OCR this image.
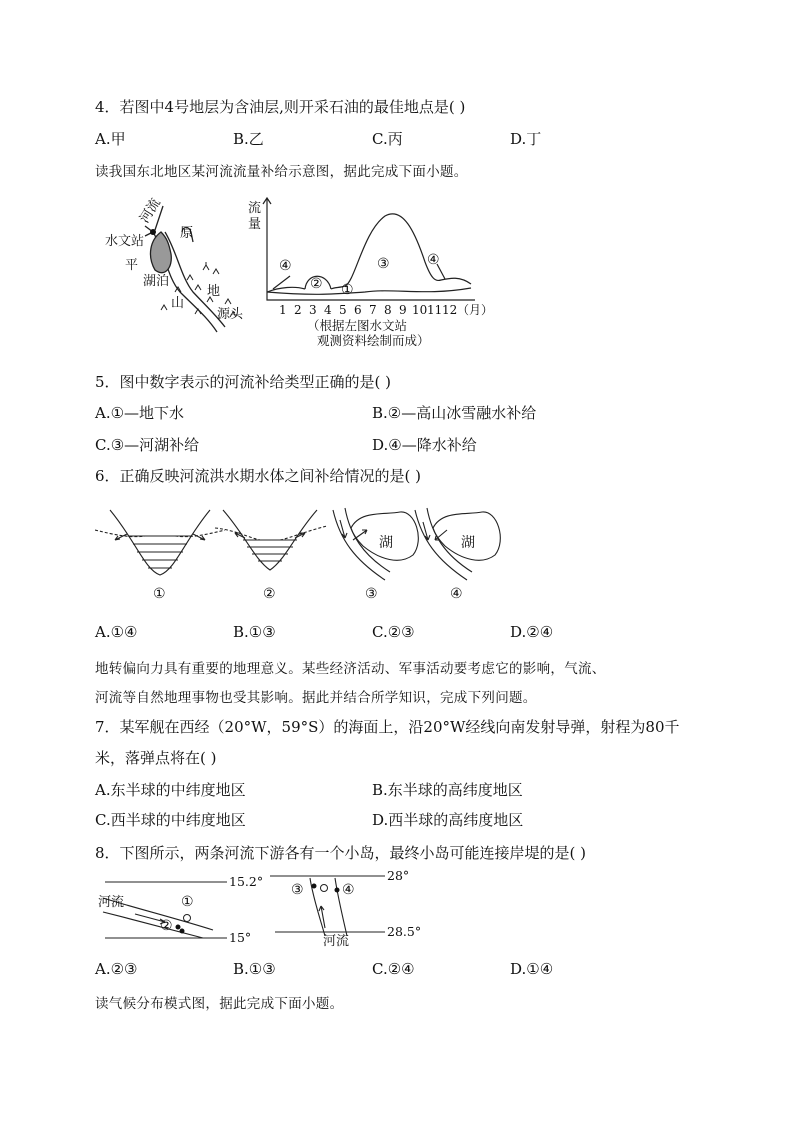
4．若图中4号地层为含油层,则开采石油的最佳地点是( )
A.甲	B.乙	C.丙	D.丁
读我国东北地区某河流流量补给示意图，据此完成下面小题。
河流
水文站
原
平
湖泊
山
地
源头
流
量
④
② ①
③	④
1 2 3 4 5 6 7 8 9 10 11 12 （月）
（根据左图水文站
观测资料绘制而成）
5．图中数字表示的河流补给类型正确的是( )
A.①—地下水	B.②—高山冰雪融水补给
C.③—河湖补给	D.④—降水补给
6．正确反映河流洪水期水体之间补给情况的是( )
①	②
湖
③
湖
④
A.①④	B.①③	C.②③	D.②④
地转偏向力具有重要的地理意义。某些经济活动、军事活动要考虑它的影响，气流、
河流等自然地理事物也受其影响。据此并结合所学知识，完成下列问题。
7．某军舰在西经（20°W，59°S）的海面上，沿20°W经线向南发射导弹，射程为80千
米，落弹点将在( )
A.东半球的中纬度地区	B.东半球的高纬度地区
C.西半球的中纬度地区	D.西半球的高纬度地区
8．下图所示，两条河流下游各有一个小岛，最终小岛可能连接岸堤的是( )
15.2°
15°
河流	①
②
28°
28.5°
河流
③	④
A.②③	B.①③	C.②④	D.①④
读气候分布模式图，据此完成下面小题。
